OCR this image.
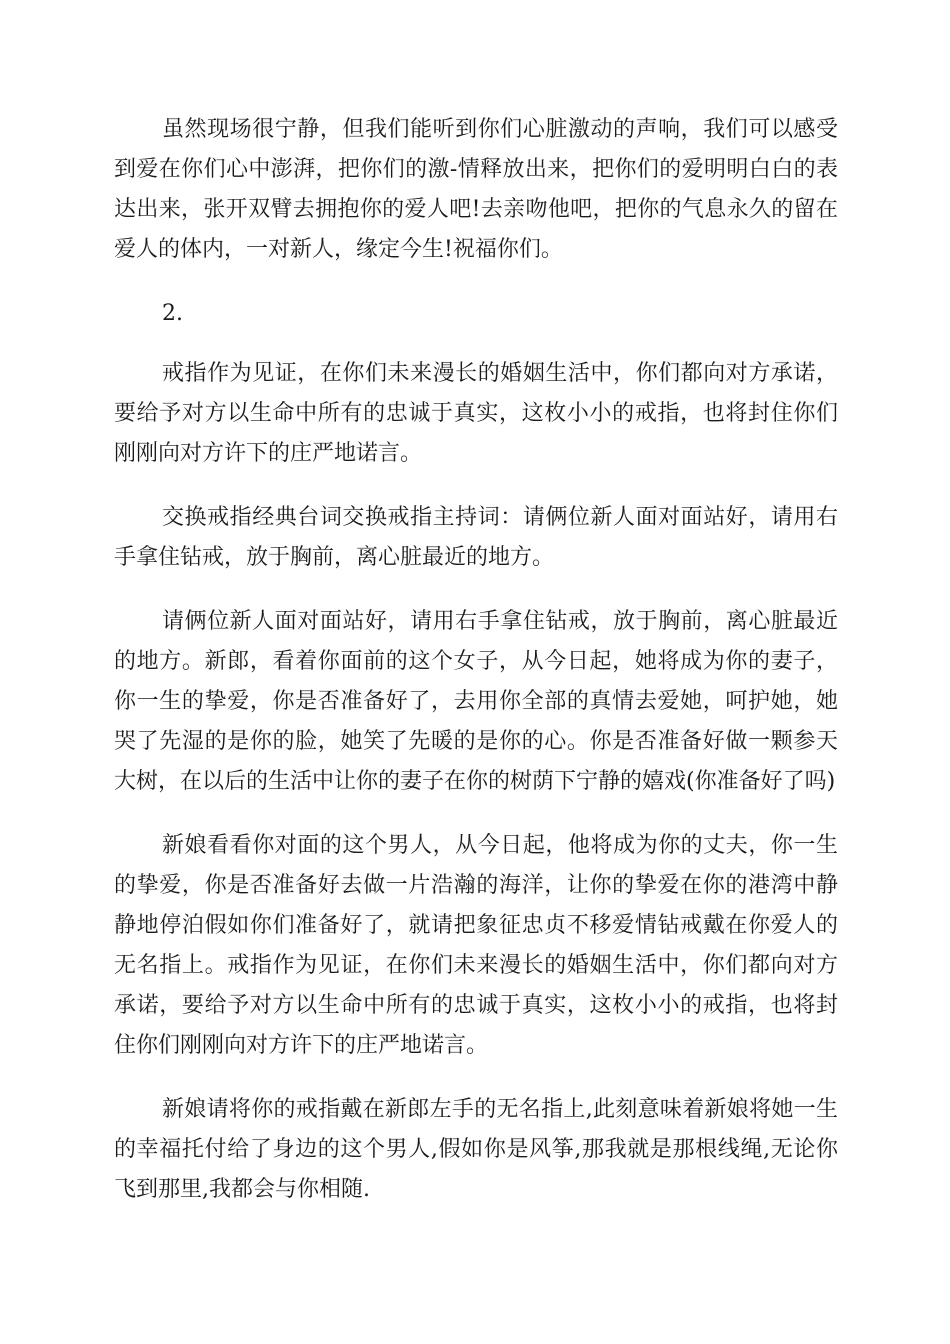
虽然现场很宁静，但我们能听到你们心脏激动的声响，我们可以感受到爱在你们心中澎湃，把你们的激-情释放出来，把你们的爱明明白白的表达出来，张开双臂去拥抱你的爱人吧!去亲吻他吧，把你的气息永久的留在爱人的体内，一对新人，缘定今生!祝福你们。

2.

戒指作为见证，在你们未来漫长的婚姻生活中，你们都向对方承诺，要给予对方以生命中所有的忠诚于真实，这枚小小的戒指，也将封住你们刚刚向对方许下的庄严地诺言。

交换戒指经典台词交换戒指主持词：请俩位新人面对面站好，请用右手拿住钻戒，放于胸前，离心脏最近的地方。

请俩位新人面对面站好，请用右手拿住钻戒，放于胸前，离心脏最近的地方。新郎，看着你面前的这个女子，从今日起，她将成为你的妻子，你一生的挚爱，你是否准备好了，去用你全部的真情去爱她，呵护她，她哭了先湿的是你的脸，她笑了先暖的是你的心。你是否准备好做一颗参天大树，在以后的生活中让你的妻子在你的树荫下宁静的嬉戏(你准备好了吗)

新娘看看你对面的这个男人，从今日起，他将成为你的丈夫，你一生的挚爱，你是否准备好去做一片浩瀚的海洋，让你的挚爱在你的港湾中静静地停泊假如你们准备好了，就请把象征忠贞不移爱情钻戒戴在你爱人的无名指上。戒指作为见证，在你们未来漫长的婚姻生活中，你们都向对方承诺，要给予对方以生命中所有的忠诚于真实，这枚小小的戒指，也将封住你们刚刚向对方许下的庄严地诺言。

新娘请将你的戒指戴在新郎左手的无名指上,此刻意味着新娘将她一生的幸福托付给了身边的这个男人,假如你是风筝,那我就是那根线绳,无论你飞到那里,我都会与你相随.
